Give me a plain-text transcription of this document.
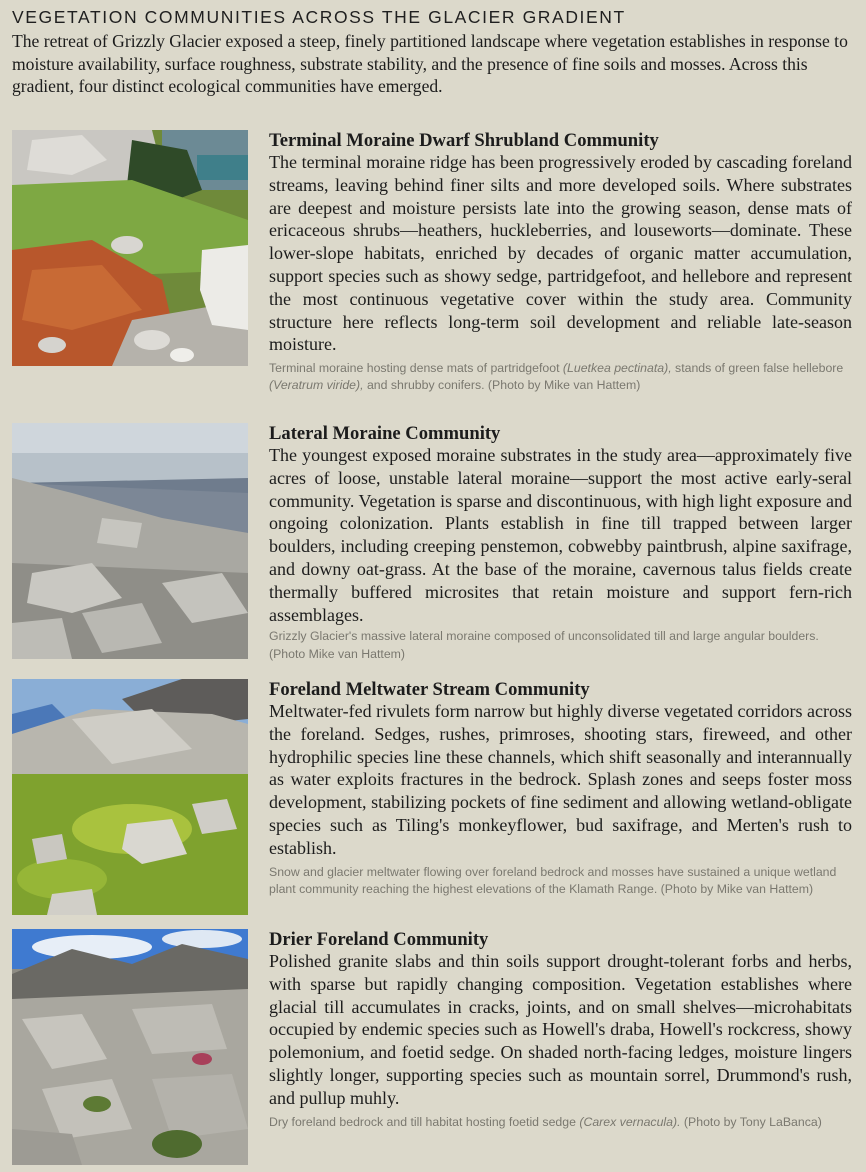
VEGETATION COMMUNITIES ACROSS THE GLACIER GRADIENT

The retreat of Grizzly Glacier exposed a steep, finely partitioned landscape where vegetation establishes in response to moisture availability, surface roughness, substrate stability, and the presence of fine soils and mosses. Across this gradient, four distinct ecological communities have emerged.

Terminal Moraine Dwarf Shrubland Community

The terminal moraine ridge has been progressively eroded by cascading foreland streams, leaving behind finer silts and more developed soils. Where substrates are deepest and moisture persists late into the growing season, dense mats of ericaceous shrubs—heathers, huckleberries, and louseworts—dominate. These lower-slope habitats, enriched by decades of organic matter accumulation, support species such as showy sedge, partridgefoot, and hellebore and represent the most continuous vegetative cover within the study area. Community structure here reflects long-term soil development and reliable late-season moisture.

Terminal moraine hosting dense mats of partridgefoot (Luetkea pectinata), stands of green false hellebore (Veratrum viride), and shrubby conifers. (Photo by Mike van Hattem)

Lateral Moraine Community

The youngest exposed moraine substrates in the study area—approximately five acres of loose, unstable lateral moraine—support the most active early-seral community. Vegetation is sparse and discontinuous, with high light exposure and ongoing colonization. Plants establish in fine till trapped between larger boulders, including creeping penstemon, cobwebby paintbrush, alpine saxifrage, and downy oat-grass. At the base of the moraine, cavernous talus fields create thermally buffered microsites that retain moisture and support fern-rich assemblages.

Grizzly Glacier's massive lateral moraine composed of unconsolidated till and large angular boulders. (Photo Mike van Hattem)

Foreland Meltwater Stream Community

Meltwater-fed rivulets form narrow but highly diverse vegetated corridors across the foreland. Sedges, rushes, primroses, shooting stars, fireweed, and other hydrophilic species line these channels, which shift seasonally and interannually as water exploits fractures in the bedrock. Splash zones and seeps foster moss development, stabilizing pockets of fine sediment and allowing wetland-obligate species such as Tiling's monkeyflower, bud saxifrage, and Merten's rush to establish.

Snow and glacier meltwater flowing over foreland bedrock and mosses have sustained a unique wetland plant community reaching the highest elevations of the Klamath Range. (Photo by Mike van Hattem)

Drier Foreland Community

Polished granite slabs and thin soils support drought-tolerant forbs and herbs, with sparse but rapidly changing composition. Vegetation establishes where glacial till accumulates in cracks, joints, and on small shelves—microhabitats occupied by endemic species such as Howell's draba, Howell's rockcress, showy polemonium, and foetid sedge. On shaded north-facing ledges, moisture lingers slightly longer, supporting species such as mountain sorrel, Drummond's rush, and pullup muhly.

Dry foreland bedrock and till habitat hosting foetid sedge (Carex vernacula). (Photo by Tony LaBanca)
